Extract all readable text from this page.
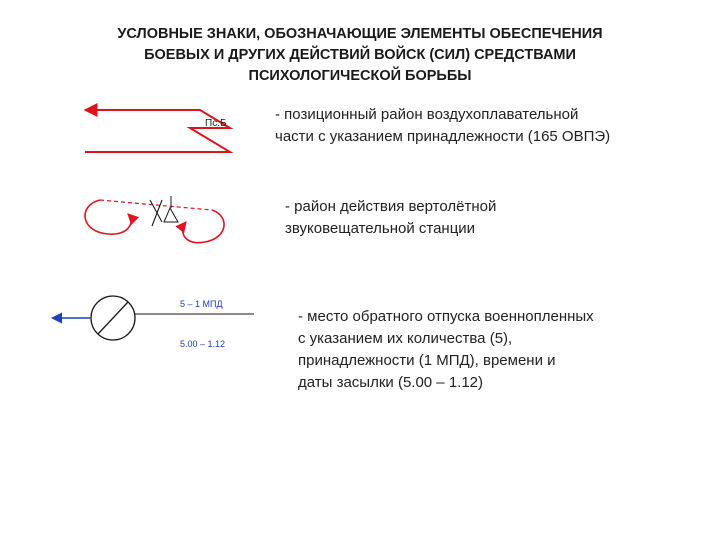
УСЛОВНЫЕ ЗНАКИ, ОБОЗНАЧАЮЩИЕ ЭЛЕМЕНТЫ ОБЕСПЕЧЕНИЯ
БОЕВЫХ И ДРУГИХ ДЕЙСТВИЙ ВОЙСК (СИЛ) СРЕДСТВАМИ
ПСИХОЛОГИЧЕСКОЙ БОРЬБЫ
Пс.Б
5 – 1 МПД
5.00 – 1.12
- позиционный район воздухоплавательной
части с указанием принадлежности (165 ОВПЭ)
- район действия вертолётной
звуковещательной станции
- место обратного отпуска военнопленных
с указанием их количества (5),
принадлежности (1 МПД), времени и
даты засылки (5.00 – 1.12)
